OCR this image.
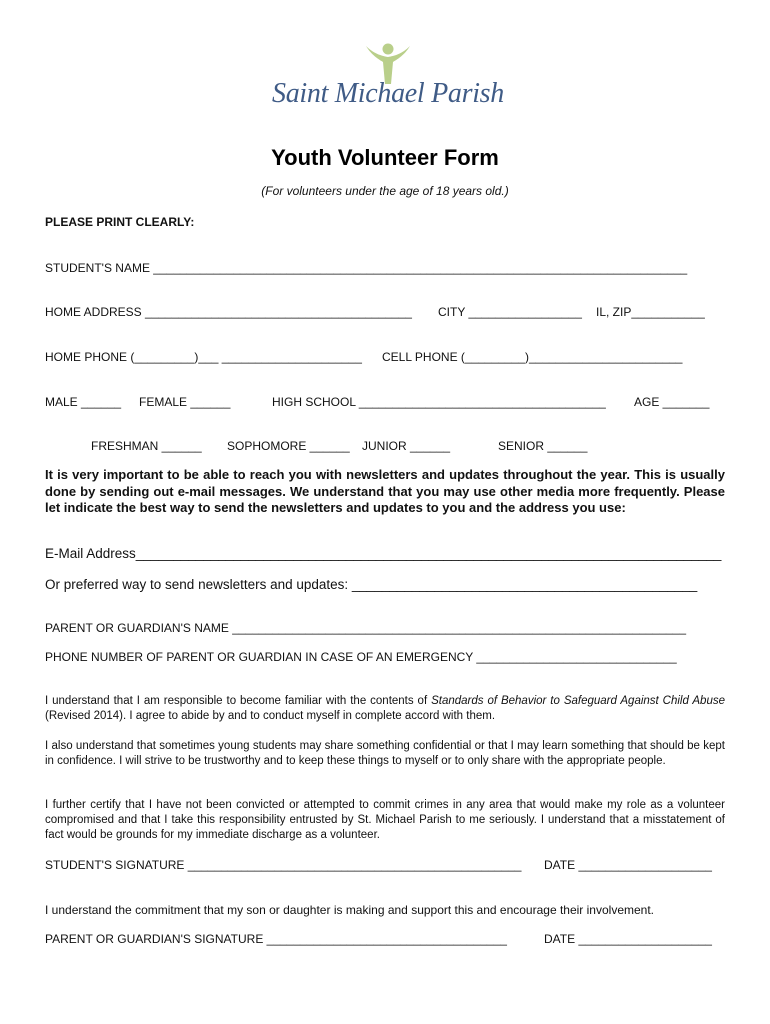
Saint Michael Parish
Youth Volunteer Form
(For volunteers under the age of 18 years old.)
PLEASE PRINT CLEARLY:
STUDENT'S NAME ________________________________________________________________________________
HOME ADDRESS ________________________________________ CITY _________________ IL, ZIP___________
HOME PHONE (_________)___ _____________________ CELL PHONE (_________)_______________________
MALE ______ FEMALE ______	HIGH SCHOOL _____________________________________ AGE _______
FRESHMAN ______ SOPHOMORE ______ JUNIOR ______	SENIOR ______
It is very important to be able to reach you with newsletters and updates throughout the year. This is usually done by sending out e-mail messages. We understand that you may use other media more frequently. Please let indicate the best way to send the newsletters and updates to you and the address you use:
E-Mail Address______________________________________________________________________________
Or preferred way to send newsletters and updates: ______________________________________________
PARENT OR GUARDIAN'S NAME ____________________________________________________________________
PHONE NUMBER OF PARENT OR GUARDIAN IN CASE OF AN EMERGENCY ______________________________
I understand that I am responsible to become familiar with the contents of Standards of Behavior to Safeguard Against Child Abuse (Revised 2014). I agree to abide by and to conduct myself in complete accord with them.
I also understand that sometimes young students may share something confidential or that I may learn something that should be kept in confidence. I will strive to be trustworthy and to keep these things to myself or to only share with the appropriate people.
I further certify that I have not been convicted or attempted to commit crimes in any area that would make my role as a volunteer compromised and that I take this responsibility entrusted by St. Michael Parish to me seriously. I understand that a misstatement of fact would be grounds for my immediate discharge as a volunteer.
STUDENT'S SIGNATURE __________________________________________________ DATE ____________________
I understand the commitment that my son or daughter is making and support this and encourage their involvement.
PARENT OR GUARDIAN'S SIGNATURE ____________________________________	DATE ____________________
